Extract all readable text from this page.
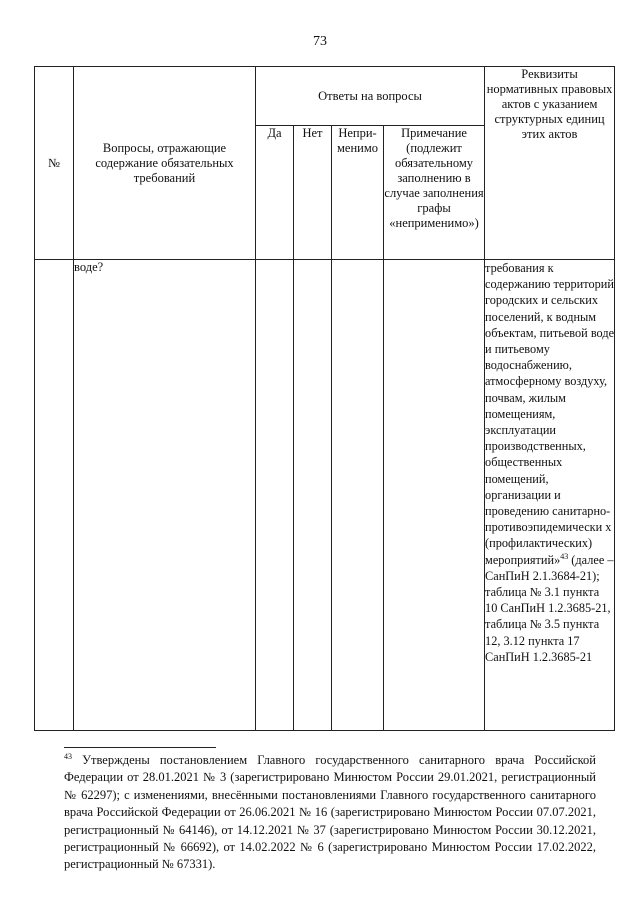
73
№	Вопросы, отражающие содержание обязательных требований	Ответы на вопросы				Реквизиты нормативных правовых актов с указанием структурных единиц этих актов
		Да	Нет	Непри-менимо	Примечание (подлежит обязательному заполнению в случае заполнения графы «неприменимо»)	
	воде?					требования к содержанию территорий городских и сельских поселений, к водным объектам, питьевой воде и питьевому водоснабжению, атмосферному воздуху, почвам, жилым помещениям, эксплуатации производственных, общественных помещений, организации и проведению санитарно-противоэпидемически х (профилактических) мероприятий»$^{43}$ (далее – СанПиН 2.1.3684-21); таблица № 3.1 пункта 10 СанПиН 1.2.3685-21, таблица № 3.5 пункта 12, 3.12 пункта 17 СанПиН 1.2.3685-21
$^{43}$ Утверждены постановлением Главного государственного санитарного врача Российской Федерации от 28.01.2021 № 3 (зарегистрировано Минюстом России 29.01.2021, регистрационный № 62297); с изменениями, внесёнными постановлениями Главного государственного санитарного врача Российской Федерации от 26.06.2021 № 16 (зарегистрировано Минюстом России 07.07.2021, регистрационный № 64146), от 14.12.2021 № 37 (зарегистрировано Минюстом России 30.12.2021, регистрационный № 66692), от 14.02.2022 № 6 (зарегистрировано Минюстом России 17.02.2022, регистрационный № 67331).
